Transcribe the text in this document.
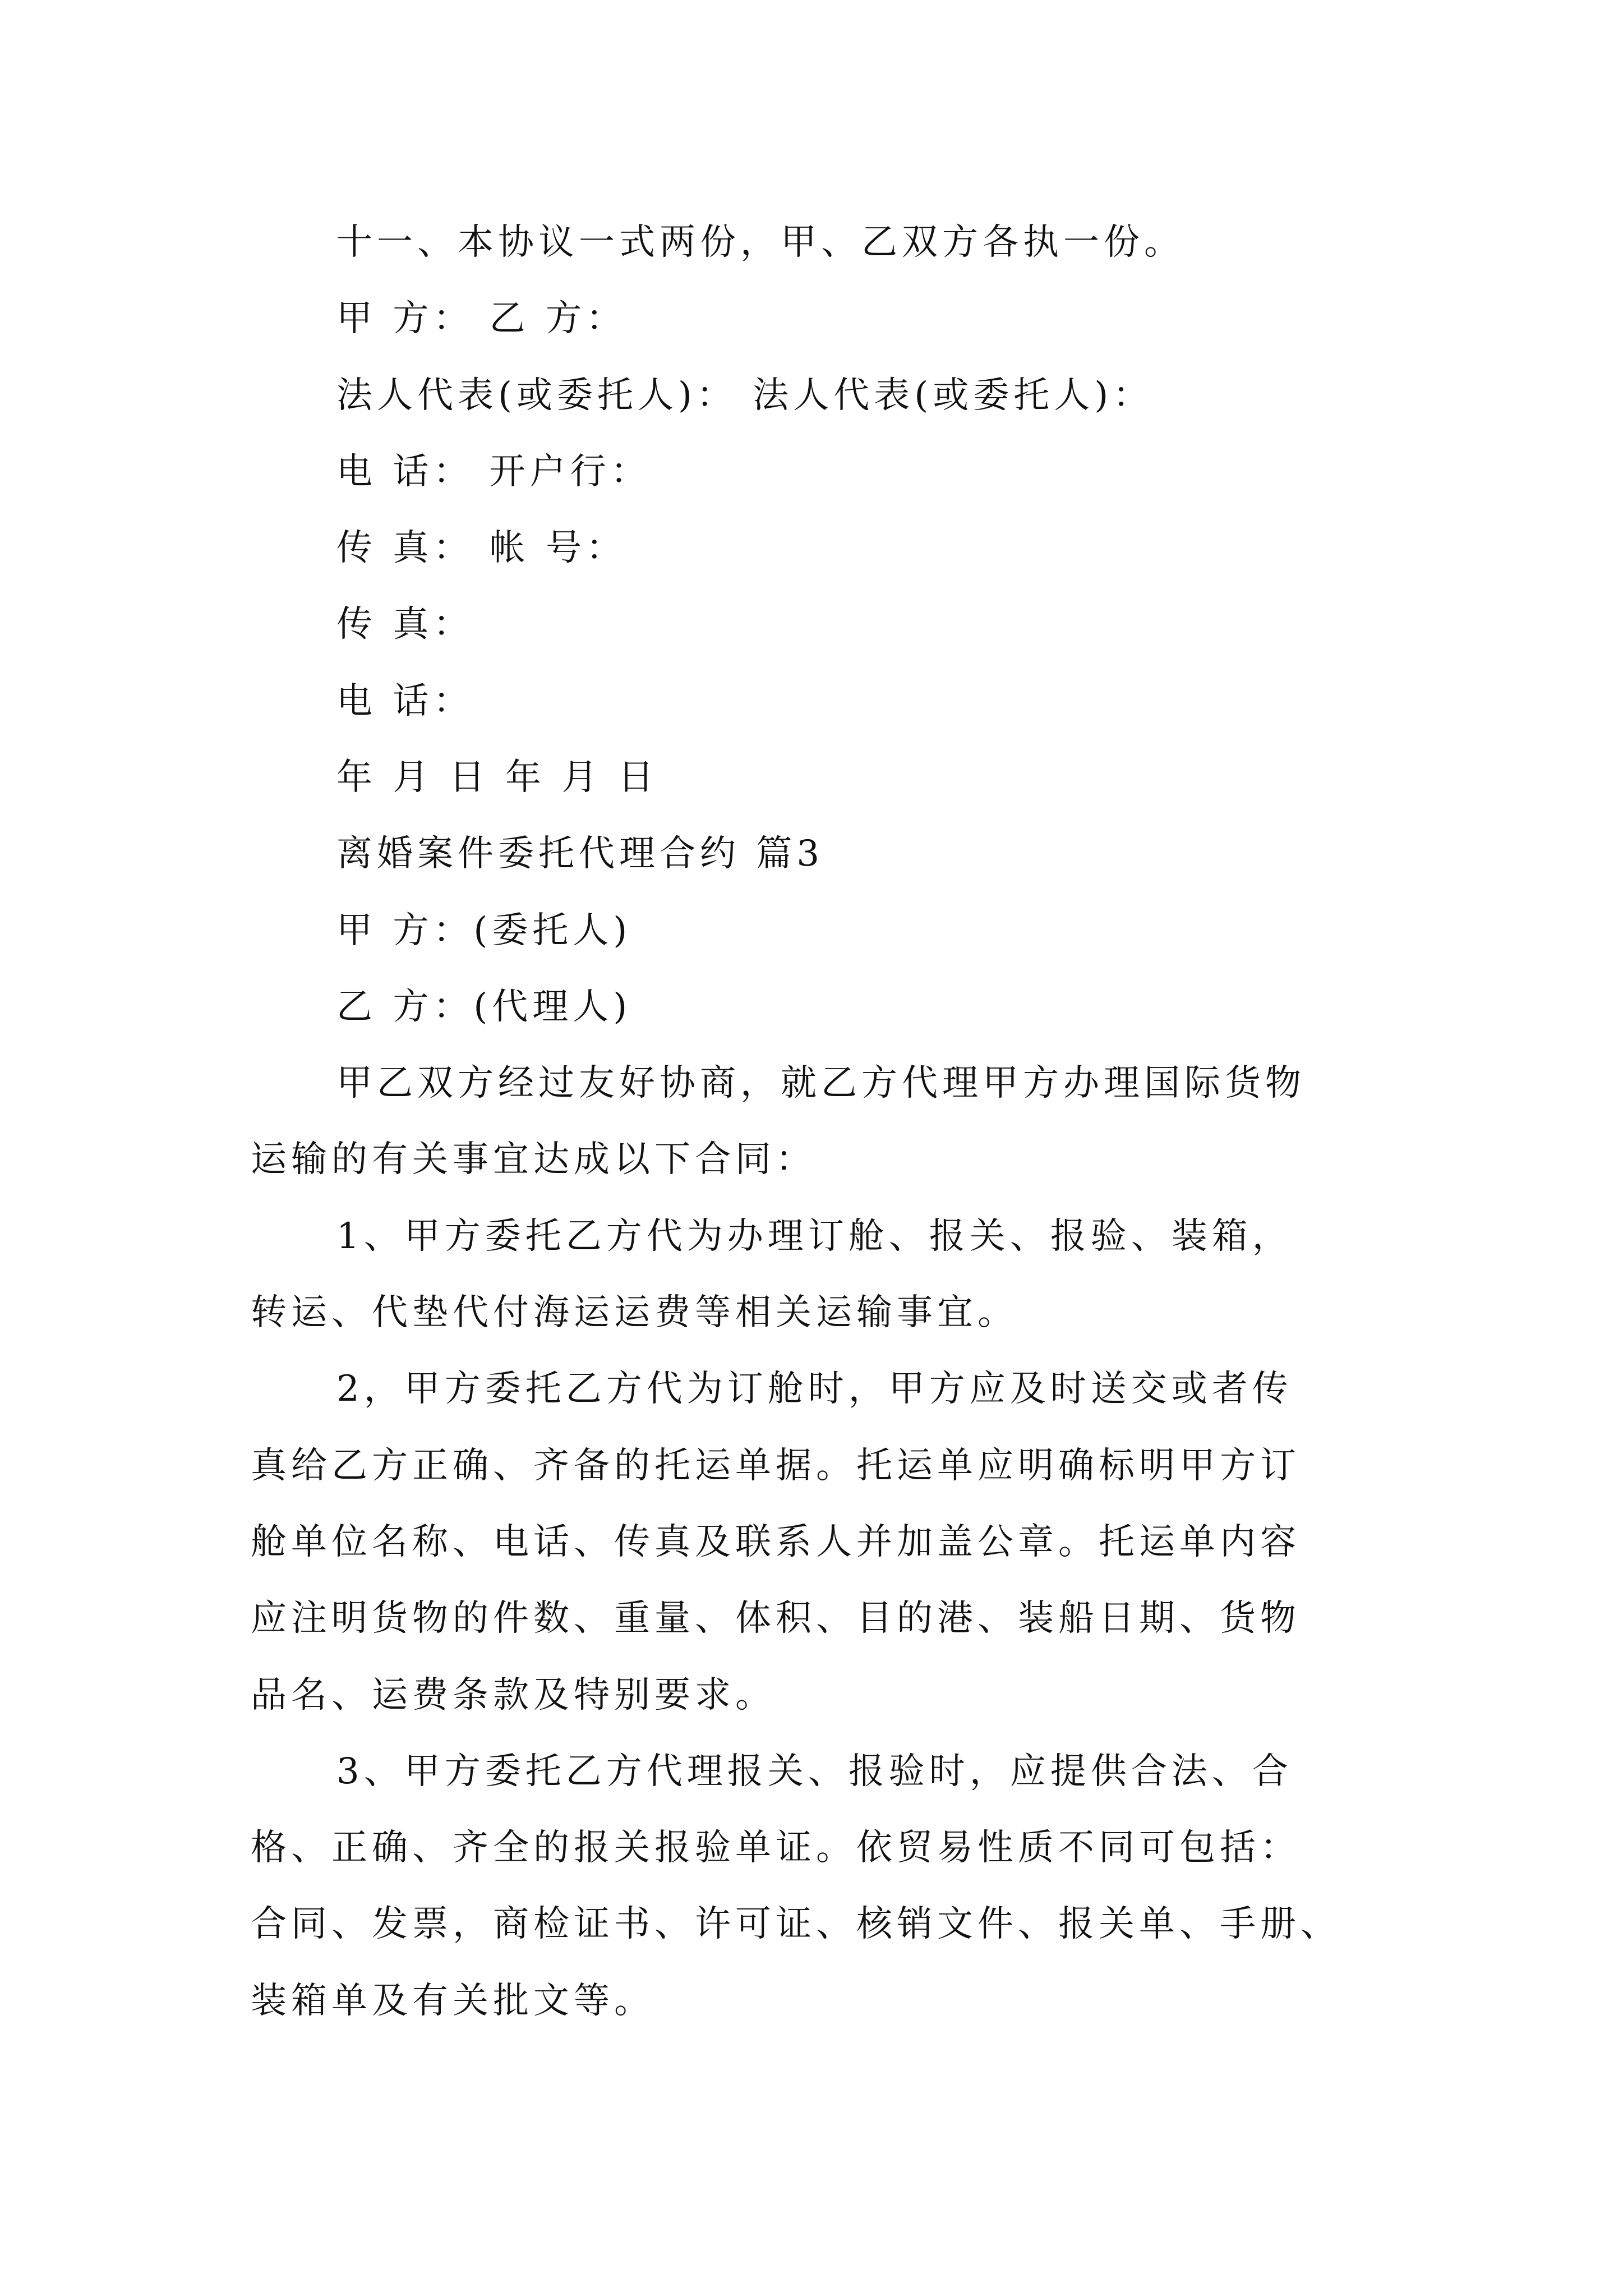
十一、本协议一式两份，甲、乙双方各执一份。
甲 方： 乙 方：
法人代表(或委托人)： 法人代表(或委托人)：
电 话： 开户行：
传 真： 帐 号：
传 真：
电 话：
年 月 日 年 月 日
离婚案件委托代理合约 篇3
甲 方：(委托人)
乙 方：(代理人)
甲乙双方经过友好协商，就乙方代理甲方办理国际货物
运输的有关事宜达成以下合同：
1、甲方委托乙方代为办理订舱、报关、报验、装箱，
转运、代垫代付海运运费等相关运输事宜。
2，甲方委托乙方代为订舱时，甲方应及时送交或者传
真给乙方正确、齐备的托运单据。托运单应明确标明甲方订
舱单位名称、电话、传真及联系人并加盖公章。托运单内容
应注明货物的件数、重量、体积、目的港、装船日期、货物
品名、运费条款及特别要求。
3、甲方委托乙方代理报关、报验时，应提供合法、合
格、正确、齐全的报关报验单证。依贸易性质不同可包括：
合同、发票，商检证书、许可证、核销文件、报关单、手册、
装箱单及有关批文等。
